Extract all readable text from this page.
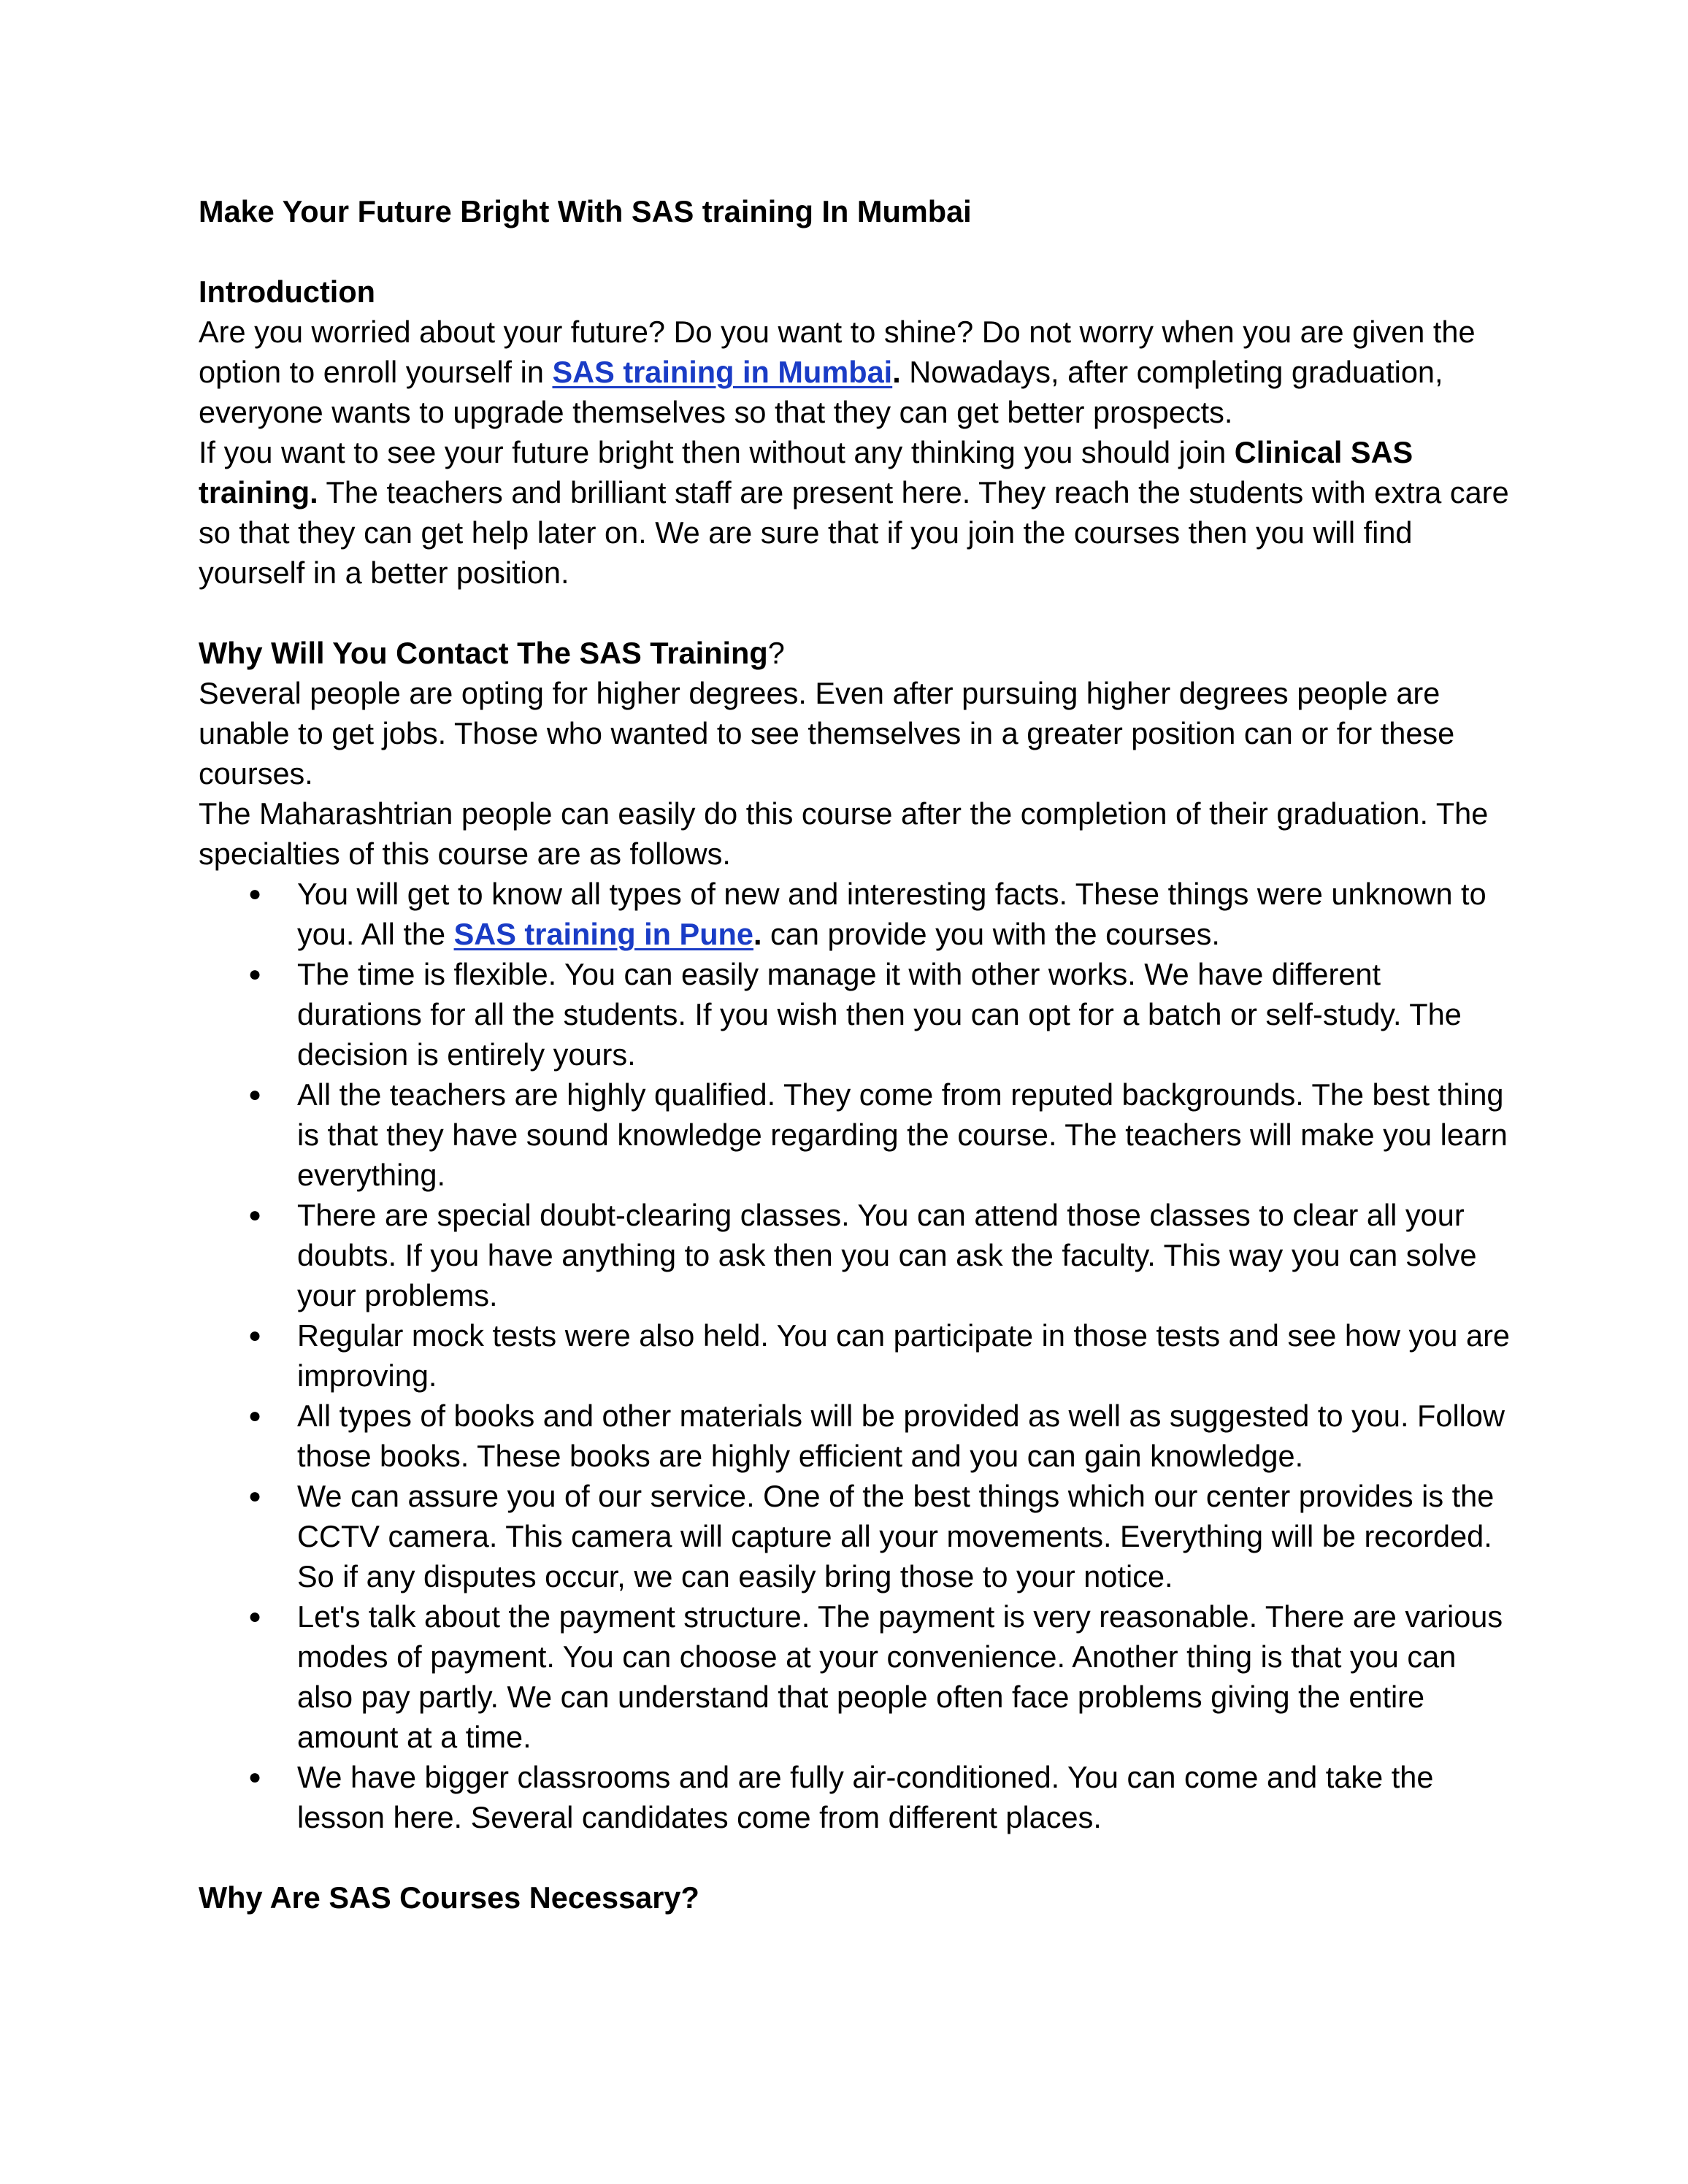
Make Your Future Bright With SAS training In Mumbai

Introduction

Are you worried about your future? Do you want to shine? Do not worry when you are given the option to enroll yourself in SAS training in Mumbai. Nowadays, after completing graduation, everyone wants to upgrade themselves so that they can get better prospects.

If you want to see your future bright then without any thinking you should join Clinical SAS training. The teachers and brilliant staff are present here. They reach the students with extra care so that they can get help later on. We are sure that if you join the courses then you will find yourself in a better position.

Why Will You Contact The SAS Training?

Several people are opting for higher degrees. Even after pursuing higher degrees people are unable to get jobs. Those who wanted to see themselves in a greater position can or for these courses.

The Maharashtrian people can easily do this course after the completion of their graduation. The specialties of this course are as follows.

● You will get to know all types of new and interesting facts. These things were unknown to you. All the SAS training in Pune. can provide you with the courses.
● The time is flexible. You can easily manage it with other works. We have different durations for all the students. If you wish then you can opt for a batch or self-study. The decision is entirely yours.
● All the teachers are highly qualified. They come from reputed backgrounds. The best thing is that they have sound knowledge regarding the course. The teachers will make you learn everything.
● There are special doubt-clearing classes. You can attend those classes to clear all your doubts. If you have anything to ask then you can ask the faculty. This way you can solve your problems.
● Regular mock tests were also held. You can participate in those tests and see how you are improving.
● All types of books and other materials will be provided as well as suggested to you. Follow those books. These books are highly efficient and you can gain knowledge.
● We can assure you of our service. One of the best things which our center provides is the CCTV camera. This camera will capture all your movements. Everything will be recorded. So if any disputes occur, we can easily bring those to your notice.
● Let's talk about the payment structure. The payment is very reasonable. There are various modes of payment. You can choose at your convenience. Another thing is that you can also pay partly. We can understand that people often face problems giving the entire amount at a time.
● We have bigger classrooms and are fully air-conditioned. You can come and take the lesson here. Several candidates come from different places.

Why Are SAS Courses Necessary?
